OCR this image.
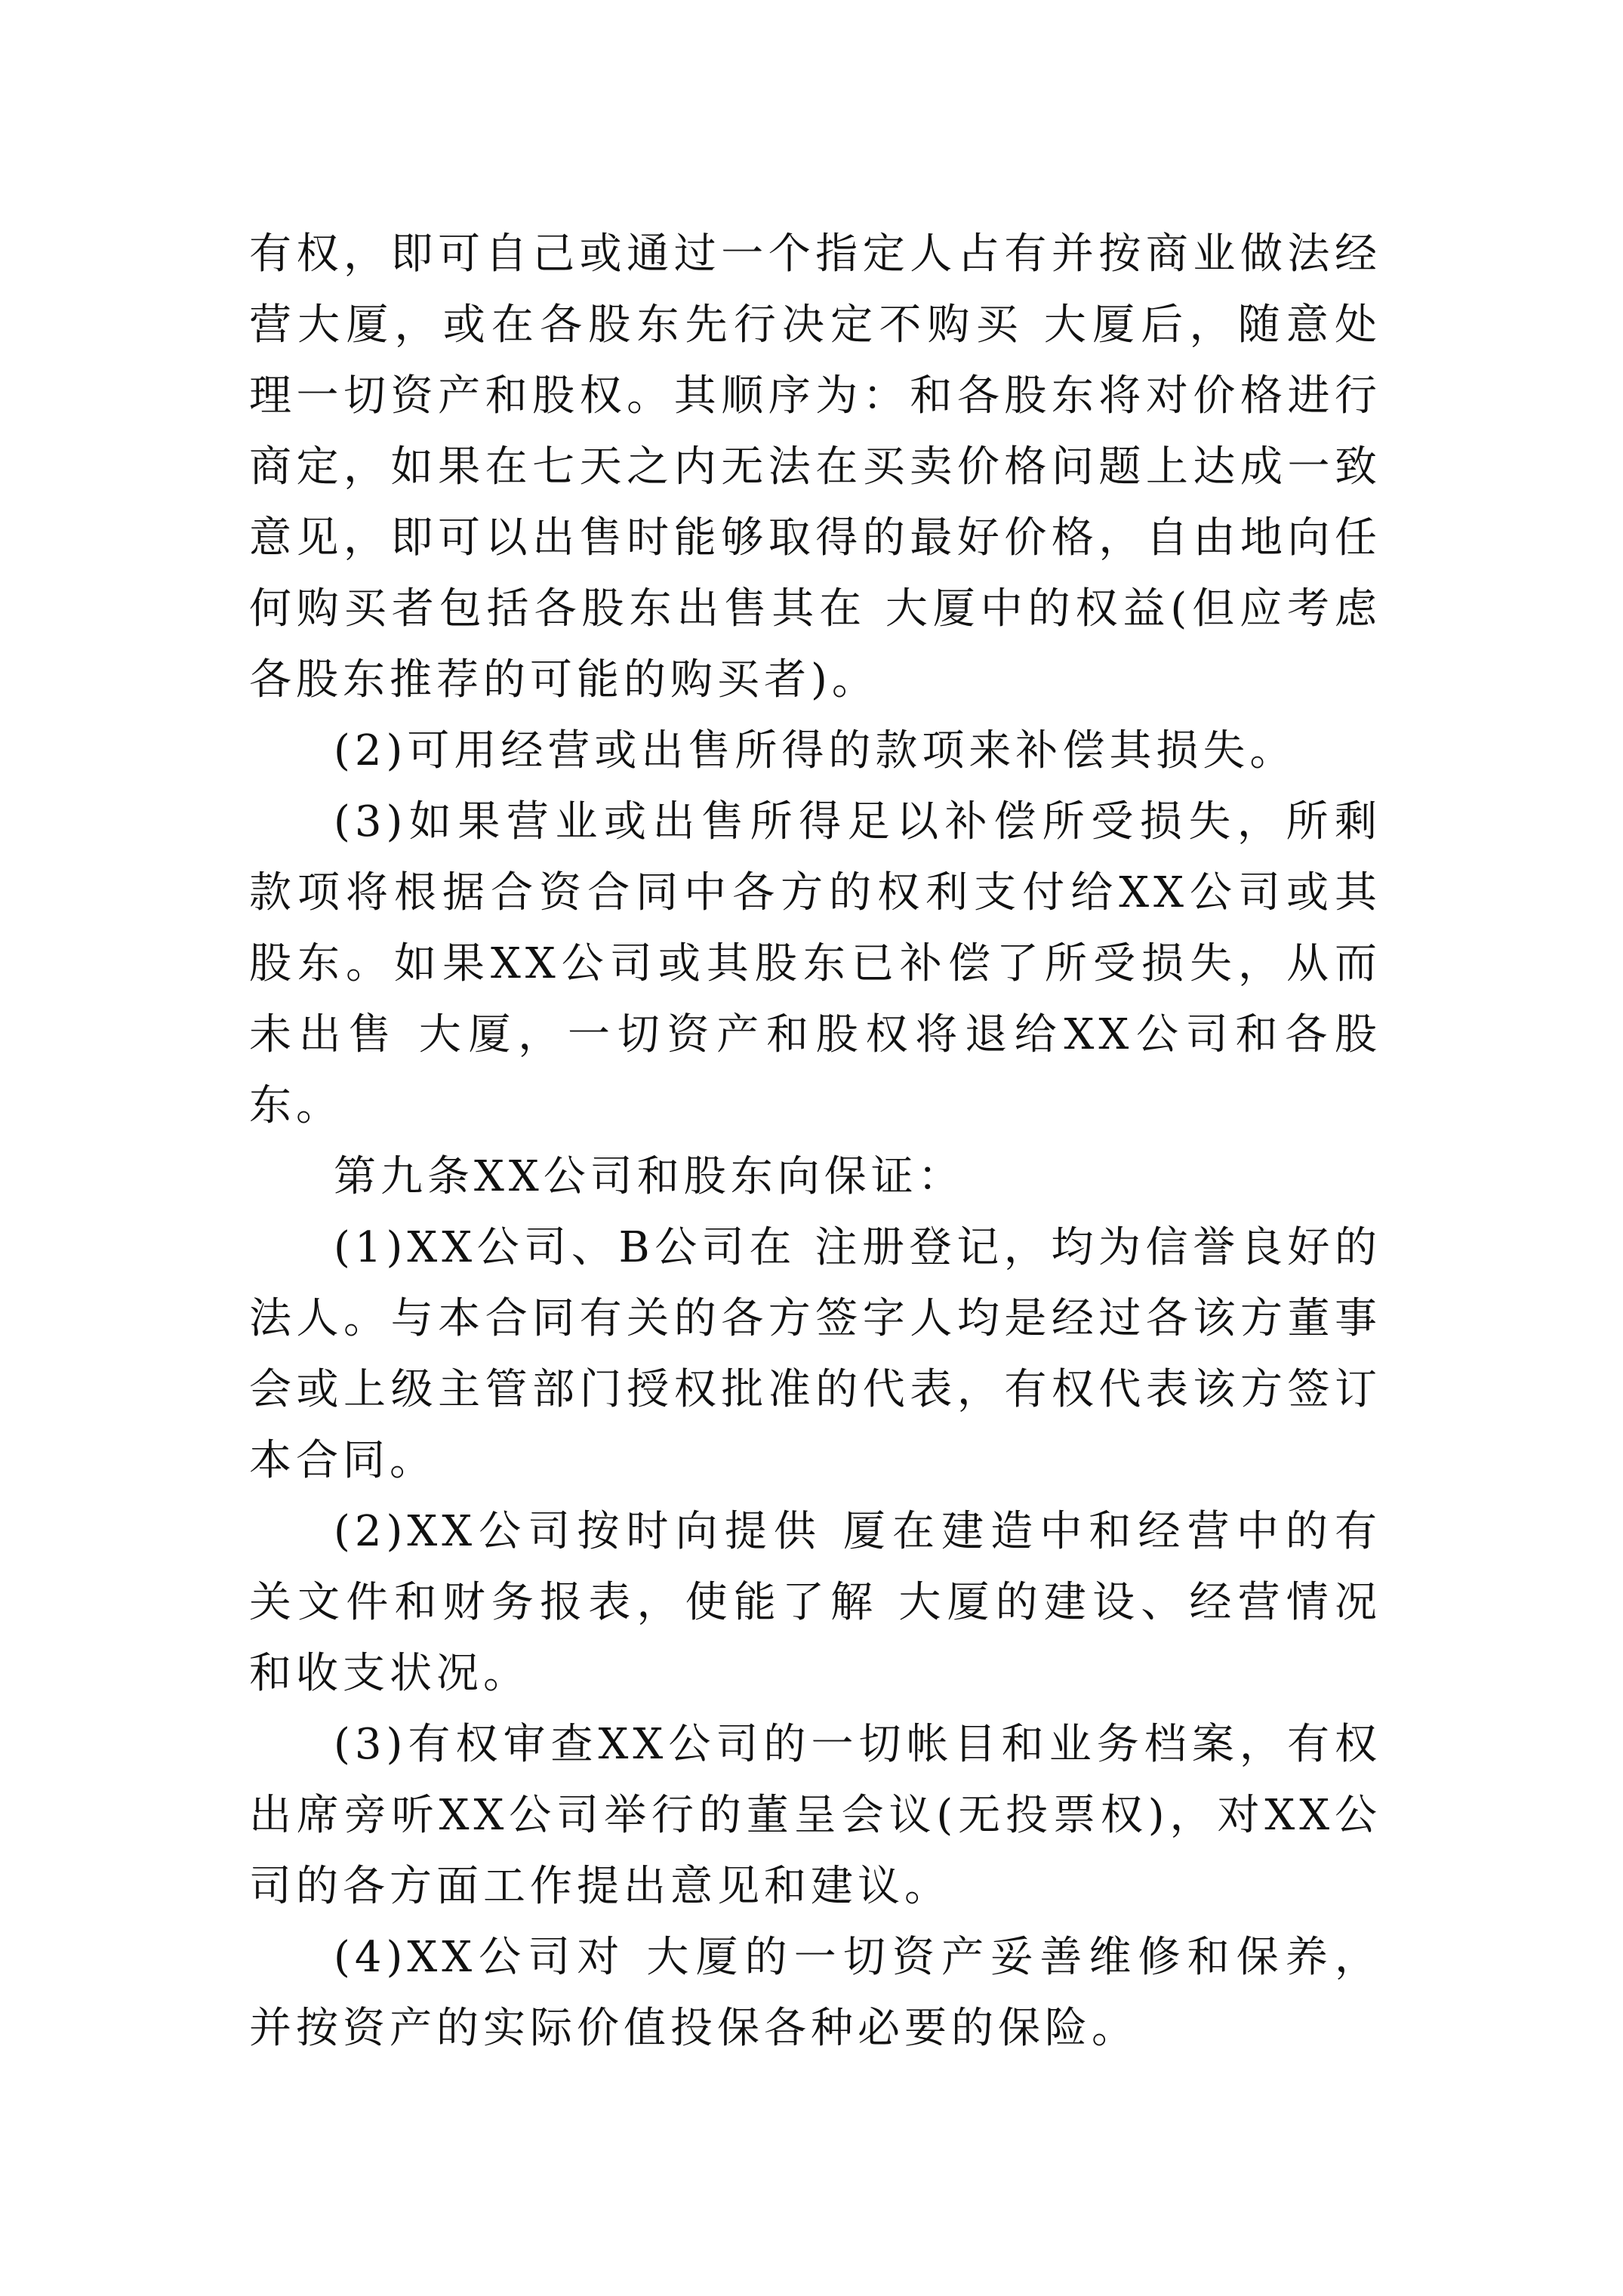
有权，即可自己或通过一个指定人占有并按商业做法经营大厦，或在各股东先行决定不购买 大厦后，随意处理一切资产和股权。其顺序为：和各股东将对价格进行商定，如果在七天之内无法在买卖价格问题上达成一致意见，即可以出售时能够取得的最好价格，自由地向任何购买者包括各股东出售其在 大厦中的权益(但应考虑各股东推荐的可能的购买者)。

(2)可用经营或出售所得的款项来补偿其损失。

(3)如果营业或出售所得足以补偿所受损失，所剩款项将根据合资合同中各方的权利支付给XX公司或其股东。如果XX公司或其股东已补偿了所受损失，从而未出售 大厦，一切资产和股权将退给XX公司和各股东。

第九条XX公司和股东向保证：

(1)XX公司、B公司在 注册登记，均为信誉良好的法人。与本合同有关的各方签字人均是经过各该方董事会或上级主管部门授权批准的代表，有权代表该方签订本合同。

(2)XX公司按时向提供 厦在建造中和经营中的有关文件和财务报表，使能了解 大厦的建设、经营情况和收支状况。

(3)有权审查XX公司的一切帐目和业务档案，有权出席旁听XX公司举行的董呈会议(无投票权)，对XX公司的各方面工作提出意见和建议。

(4)XX公司对 大厦的一切资产妥善维修和保养，并按资产的实际价值投保各种必要的保险。
